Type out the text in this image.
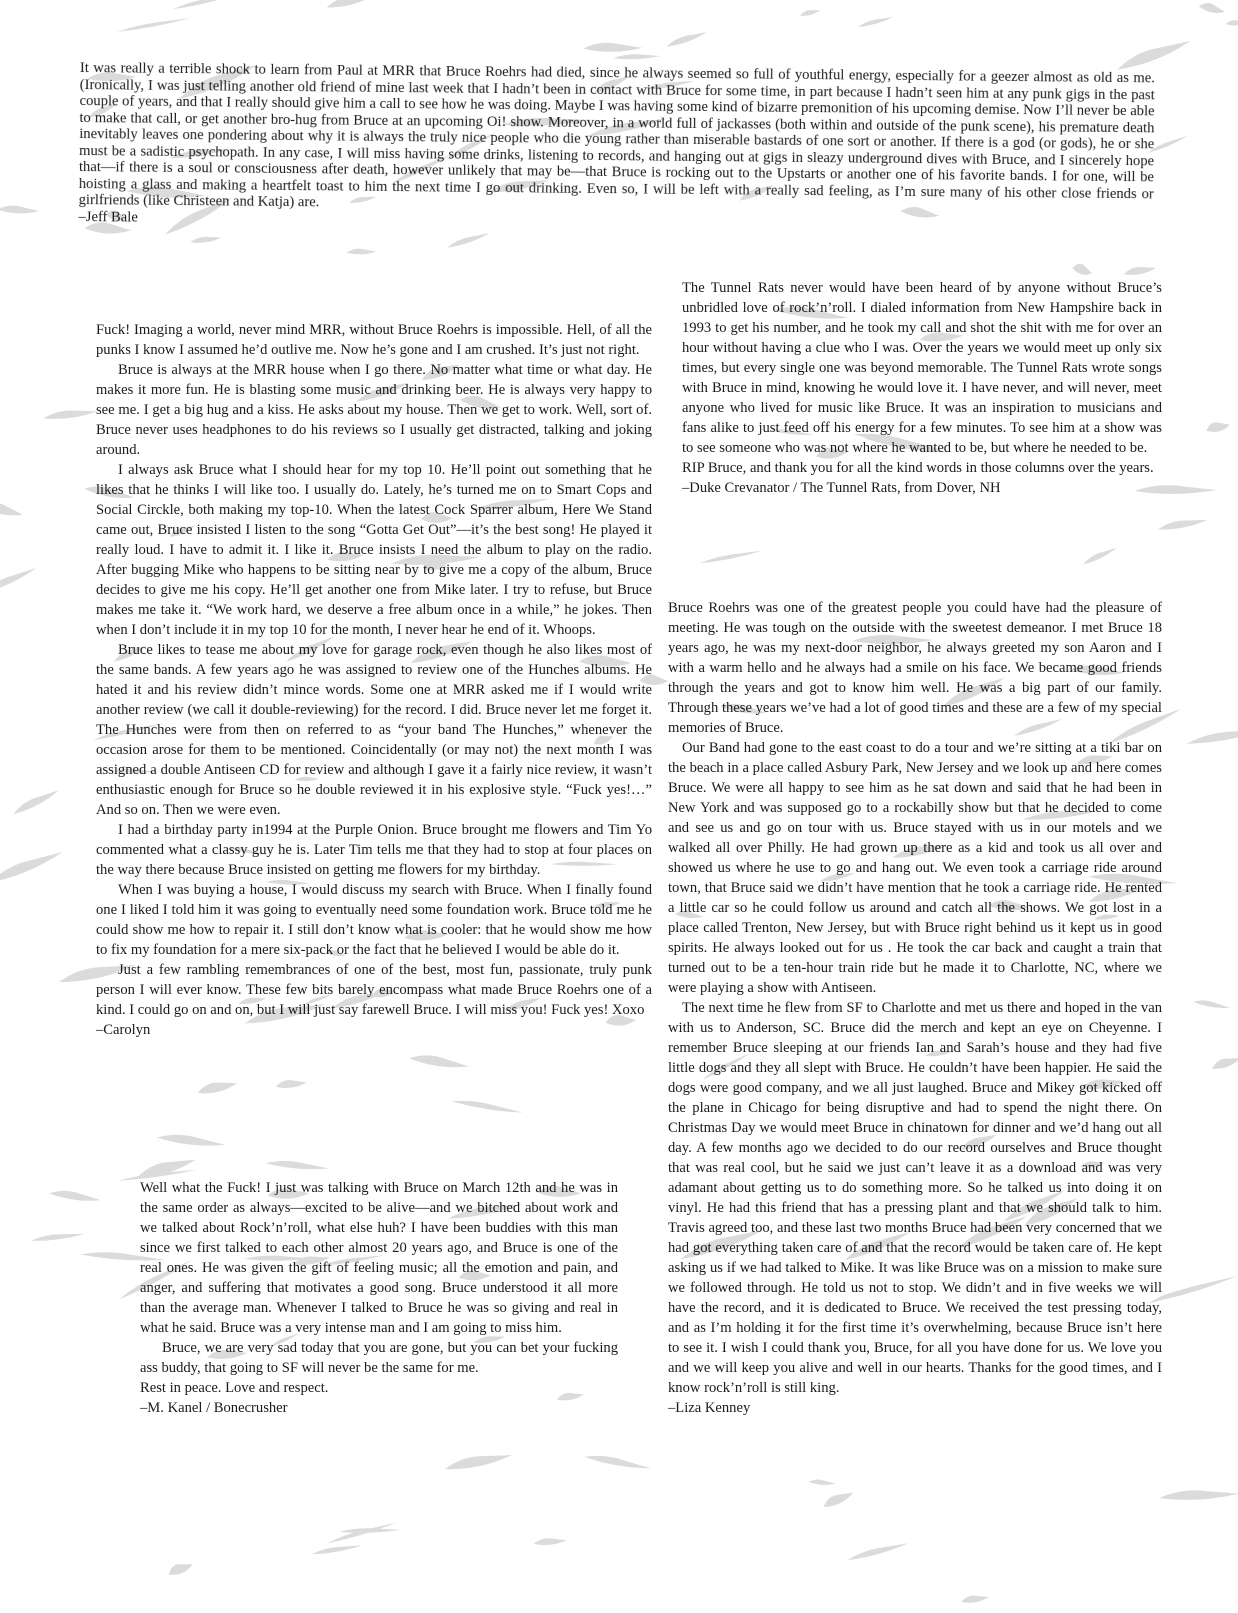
It was really a terrible shock to learn from Paul at MRR that Bruce Roehrs had died, since he always seemed so full of youthful energy, especially for a geezer almost as old as me. (Ironically, I was just telling another old friend of mine last week that I hadn’t been in contact with Bruce for some time, in part because I hadn’t seen him at any punk gigs in the past couple of years, and that I really should give him a call to see how he was doing. Maybe I was having some kind of bizarre premonition of his upcoming demise. Now I’ll never be able to make that call, or get another bro-hug from Bruce at an upcoming Oi! show. Moreover, in a world full of jackasses (both within and outside of the punk scene), his premature death inevitably leaves one pondering about why it is always the truly nice people who die young rather than miserable bastards of one sort or another. If there is a god (or gods), he or she must be a sadistic psychopath. In any case, I will miss having some drinks, listening to records, and hanging out at gigs in sleazy underground dives with Bruce, and I sincerely hope that—if there is a soul or consciousness after death, however unlikely that may be—that Bruce is rocking out to the Upstarts or another one of his favorite bands. I for one, will be hoisting a glass and making a heartfelt toast to him the next time I go out drinking. Even so, I will be left with a really sad feeling, as I’m sure many of his other close friends or girlfriends (like Christeen and Katja) are.

–Jeff Bale

Fuck! Imaging a world, never mind MRR, without Bruce Roehrs is impossible. Hell, of all the punks I know I assumed he’d outlive me. Now he’s gone and I am crushed. It’s just not right.

Bruce is always at the MRR house when I go there. No matter what time or what day. He makes it more fun. He is blasting some music and drinking beer. He is always very happy to see me. I get a big hug and a kiss. He asks about my house. Then we get to work. Well, sort of. Bruce never uses headphones to do his reviews so I usually get distracted, talking and joking around.

I always ask Bruce what I should hear for my top 10. He’ll point out something that he likes that he thinks I will like too. I usually do. Lately, he’s turned me on to Smart Cops and Social Circkle, both making my top-10. When the latest Cock Sparrer album, Here We Stand came out, Bruce insisted I listen to the song “Gotta Get Out”—it’s the best song! He played it really loud. I have to admit it. I like it. Bruce insists I need the album to play on the radio. After bugging Mike who happens to be sitting near by to give me a copy of the album, Bruce decides to give me his copy. He’ll get another one from Mike later. I try to refuse, but Bruce makes me take it. “We work hard, we deserve a free album once in a while,” he jokes. Then when I don’t include it in my top 10 for the month, I never hear he end of it. Whoops.

Bruce likes to tease me about my love for garage rock, even though he also likes most of the same bands. A few years ago he was assigned to review one of the Hunches albums. He hated it and his review didn’t mince words. Some one at MRR asked me if I would write another review (we call it double-reviewing) for the record. I did. Bruce never let me forget it. The Hunches were from then on referred to as “your band The Hunches,” whenever the occasion arose for them to be mentioned. Coincidentally (or may not) the next month I was assigned a double Antiseen CD for review and although I gave it a fairly nice review, it wasn’t enthusiastic enough for Bruce so he double reviewed it in his explosive style. “Fuck yes!…” And so on. Then we were even.

I had a birthday party in1994 at the Purple Onion. Bruce brought me flowers and Tim Yo commented what a classy guy he is. Later Tim tells me that they had to stop at four places on the way there because Bruce insisted on getting me flowers for my birthday.

When I was buying a house, I would discuss my search with Bruce. When I finally found one I liked I told him it was going to eventually need some foundation work. Bruce told me he could show me how to repair it. I still don’t know what is cooler: that he would show me how to fix my foundation for a mere six-pack or the fact that he believed I would be able do it.

Just a few rambling remembrances of one of the best, most fun, passionate, truly punk person I will ever know. These few bits barely encompass what made Bruce Roehrs one of a kind. I could go on and on, but I will just say farewell Bruce. I will miss you! Fuck yes! Xoxo

–Carolyn

Well what the Fuck! I just was talking with Bruce on March 12th and he was in the same order as always—excited to be alive—and we bitched about work and we talked about Rock’n’roll, what else huh? I have been buddies with this man since we first talked to each other almost 20 years ago, and Bruce is one of the real ones. He was given the gift of feeling music; all the emotion and pain, and anger, and suffering that motivates a good song. Bruce understood it all more than the average man. Whenever I talked to Bruce he was so giving and real in what he said. Bruce was a very intense man and I am going to miss him.

Bruce, we are very sad today that you are gone, but you can bet your fucking ass buddy, that going to SF will never be the same for me.

Rest in peace. Love and respect.

–M. Kanel / Bonecrusher

The Tunnel Rats never would have been heard of by anyone without Bruce’s unbridled love of rock’n’roll. I dialed information from New Hampshire back in 1993 to get his number, and he took my call and shot the shit with me for over an hour without having a clue who I was. Over the years we would meet up only six times, but every single one was beyond memorable. The Tunnel Rats wrote songs with Bruce in mind, knowing he would love it. I have never, and will never, meet anyone who lived for music like Bruce. It was an inspiration to musicians and fans alike to just feed off his energy for a few minutes. To see him at a show was to see someone who was not where he wanted to be, but where he needed to be.

RIP Bruce, and thank you for all the kind words in those columns over the years.

–Duke Crevanator / The Tunnel Rats, from Dover, NH

Bruce Roehrs was one of the greatest people you could have had the pleasure of meeting. He was tough on the outside with the sweetest demeanor. I met Bruce 18 years ago, he was my next-door neighbor, he always greeted my son Aaron and I with a warm hello and he always had a smile on his face. We became good friends through the years and got to know him well. He was a big part of our family. Through these years we’ve had a lot of good times and these are a few of my special memories of Bruce.

Our Band had gone to the east coast to do a tour and we’re sitting at a tiki bar on the beach in a place called Asbury Park, New Jersey and we look up and here comes Bruce. We were all happy to see him as he sat down and said that he had been in New York and was supposed go to a rockabilly show but that he decided to come and see us and go on tour with us. Bruce stayed with us in our motels and we walked all over Philly. He had grown up there as a kid and took us all over and showed us where he use to go and hang out. We even took a carriage ride around town, that Bruce said we didn’t have mention that he took a carriage ride. He rented a little car so he could follow us around and catch all the shows. We got lost in a place called Trenton, New Jersey, but with Bruce right behind us it kept us in good spirits. He always looked out for us . He took the car back and caught a train that turned out to be a ten-hour train ride but he made it to Charlotte, NC, where we were playing a show with Antiseen.

The next time he flew from SF to Charlotte and met us there and hoped in the van with us to Anderson, SC. Bruce did the merch and kept an eye on Cheyenne. I remember Bruce sleeping at our friends Ian and Sarah’s house and they had five little dogs and they all slept with Bruce. He couldn’t have been happier. He said the dogs were good company, and we all just laughed. Bruce and Mikey got kicked off the plane in Chicago for being disruptive and had to spend the night there. On Christmas Day we would meet Bruce in chinatown for dinner and we’d hang out all day. A few months ago we decided to do our record ourselves and Bruce thought that was real cool, but he said we just can’t leave it as a download and was very adamant about getting us to do something more. So he talked us into doing it on vinyl. He had this friend that has a pressing plant and that we should talk to him. Travis agreed too, and these last two months Bruce had been very concerned that we had got everything taken care of and that the record would be taken care of. He kept asking us if we had talked to Mike. It was like Bruce was on a mission to make sure we followed through. He told us not to stop. We didn’t and in five weeks we will have the record, and it is dedicated to Bruce. We received the test pressing today, and as I’m holding it for the first time it’s overwhelming, because Bruce isn’t here to see it. I wish I could thank you, Bruce, for all you have done for us. We love you and we will keep you alive and well in our hearts. Thanks for the good times, and I know rock’n’roll is still king.

–Liza Kenney
